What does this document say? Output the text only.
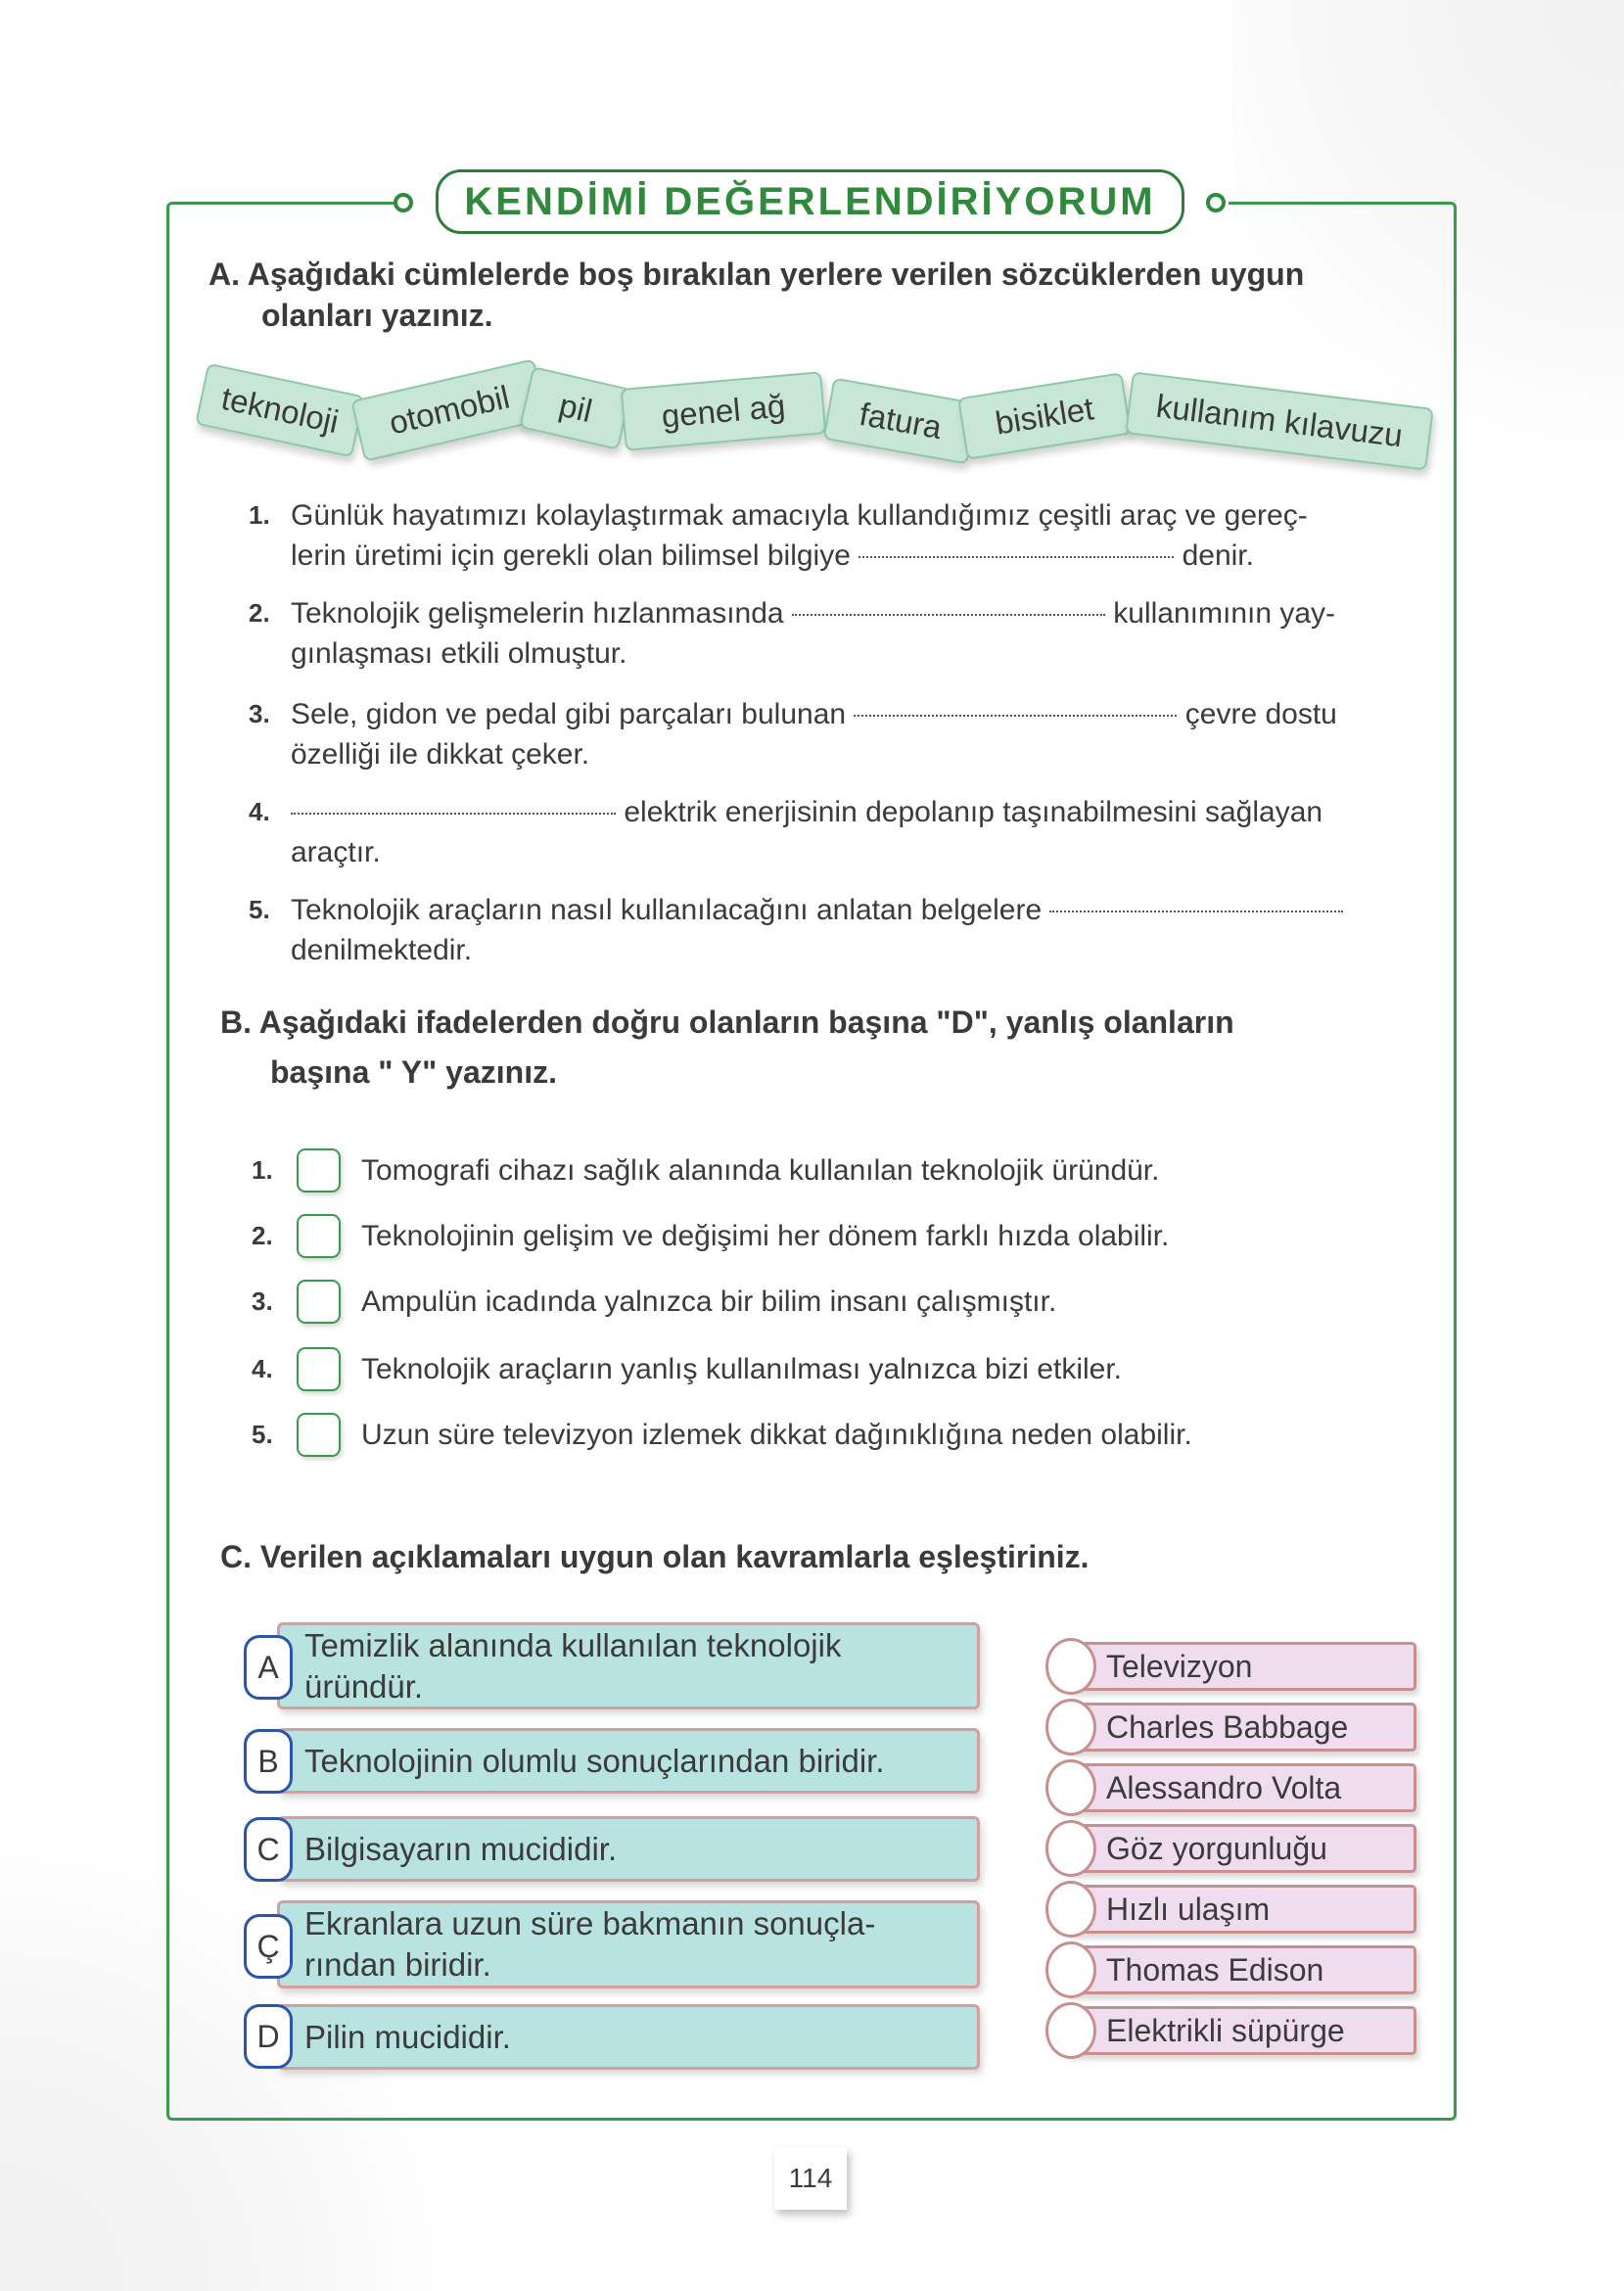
KENDİMİ DEĞERLENDİRİYORUM
A. Aşağıdaki cümlelerde boş bırakılan yerlere verilen sözcüklerden uygun
olanları yazınız.
teknoloji	otomobil	pil	genel ağ	fatura	bisiklet	kullanım kılavuzu
1. Günlük hayatımızı kolaylaştırmak amacıyla kullandığımız çeşitli araç ve gereç-
lerin üretimi için gerekli olan bilimsel bilgiye	denir.
2. Teknolojik gelişmelerin hızlanmasında	kullanımının yay-
gınlaşması etkili olmuştur.
3. Sele, gidon ve pedal gibi parçaları bulunan	çevre dostu
özelliği ile dikkat çeker.
4.	elektrik enerjisinin depolanıp taşınabilmesini sağlayan
araçtır.
5. Teknolojik araçların nasıl kullanılacağını anlatan belgelere
denilmektedir.
B. Aşağıdaki ifadelerden doğru olanların başına "D", yanlış olanların
başına " Y" yazınız.
1.	Tomografi cihazı sağlık alanında kullanılan teknolojik üründür.
2.	Teknolojinin gelişim ve değişimi her dönem farklı hızda olabilir.
3.	Ampulün icadında yalnızca bir bilim insanı çalışmıştır.
4.	Teknolojik araçların yanlış kullanılması yalnızca bizi etkiler.
5.	Uzun süre televizyon izlemek dikkat dağınıklığına neden olabilir.
C. Verilen açıklamaları uygun olan kavramlarla eşleştiriniz.
Temizlik alanında kullanılan teknolojik üründür.
A
Teknolojinin olumlu sonuçlarından biridir.
B
Bilgisayarın mucididir.
C
Ekranlara uzun süre bakmanın sonuçla- rından biridir.
Ç
Pilin mucididir.
D
Televizyon
Charles Babbage
Alessandro Volta
Göz yorgunluğu
Hızlı ulaşım
Thomas Edison
Elektrikli süpürge
114
